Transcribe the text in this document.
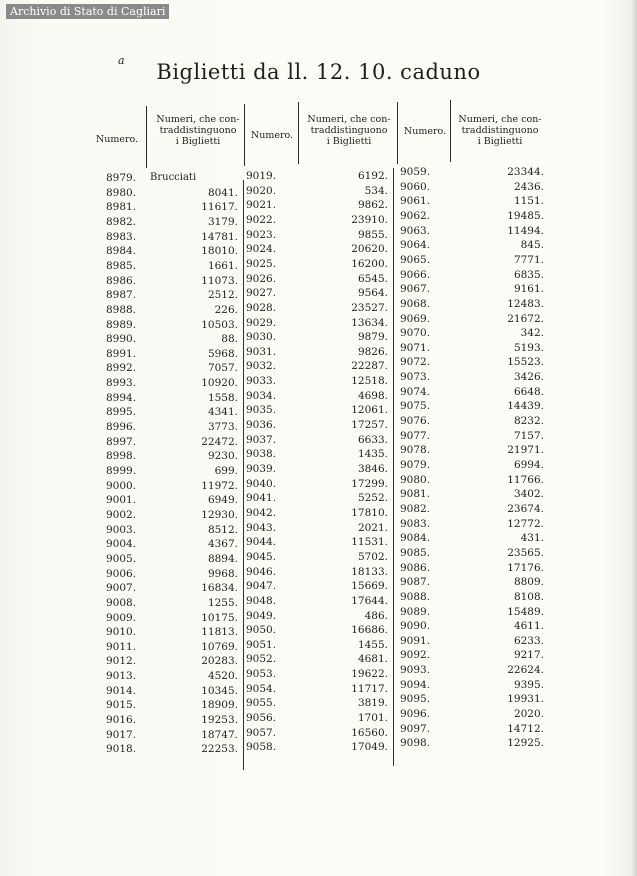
Archivio di Stato di Cagliari
a	Biglietti da ll. 12. 10. caduno
Numero.
Numeri, che con-
traddistinguono
i Biglietti
Numero.
Numeri, che con-
traddistinguono
i Biglietti
Numero.
Numeri, che con-
traddistinguono
i Biglietti
8979.	Brucciati	9019.	6192. 9059.	23344.
8980.	8041. 9020.	534. 9060.	2436.
8981.	11617. 9021.	9862. 9061.	1151.
8982.	3179. 9022.	23910. 9062.	19485.
8983.	14781. 9023.	9855. 9063.	11494.
8984.	18010. 9024.	20620. 9064.	845.
8985.	1661. 9025.	16200. 9065.	7771.
8986.	11073. 9026.	6545. 9066.	6835.
8987.	2512. 9027.	9564. 9067.	9161.
8988.	226. 9028.	23527. 9068.	12483.
8989.	10503. 9029.	13634. 9069.	21672.
8990.	88. 9030.	9879. 9070.	342.
8991.	5968. 9031.	9826. 9071.	5193.
8992.	7057. 9032.	22287. 9072.	15523.
8993.	10920. 9033.	12518. 9073.	3426.
8994.	1558. 9034.	4698. 9074.	6648.
8995.	4341. 9035.	12061. 9075.	14439.
8996.	3773. 9036.	17257. 9076.	8232.
8997.	22472. 9037.	6633. 9077.	7157.
8998.	9230. 9038.	1435. 9078.	21971.
8999.	699. 9039.	3846. 9079.	6994.
9000.	11972. 9040.	17299. 9080.	11766.
9001.	6949. 9041.	5252. 9081.	3402.
9002.	12930. 9042.	17810. 9082.	23674.
9003.	8512. 9043.	2021. 9083.	12772.
9004.	4367. 9044.	11531. 9084.	431.
9005.	8894. 9045.	5702. 9085.	23565.
9006.	9968. 9046.	18133. 9086.	17176.
9007.	16834. 9047.	15669. 9087.	8809.
9008.	1255. 9048.	17644. 9088.	8108.
9009.	10175. 9049.	486. 9089.	15489.
9010.	11813. 9050.	16686. 9090.	4611.
9011.	10769. 9051.	1455. 9091.	6233.
9012.	20283. 9052.	4681. 9092.	9217.
9013.	4520. 9053.	19622. 9093.	22624.
9014.	10345. 9054.	11717. 9094.	9395.
9015.	18909. 9055.	3819. 9095.	19931.
9016.	19253. 9056.	1701. 9096.	2020.
9017.	18747. 9057.	16560. 9097.	14712.
9018.	22253. 9058.	17049. 9098.	12925.
